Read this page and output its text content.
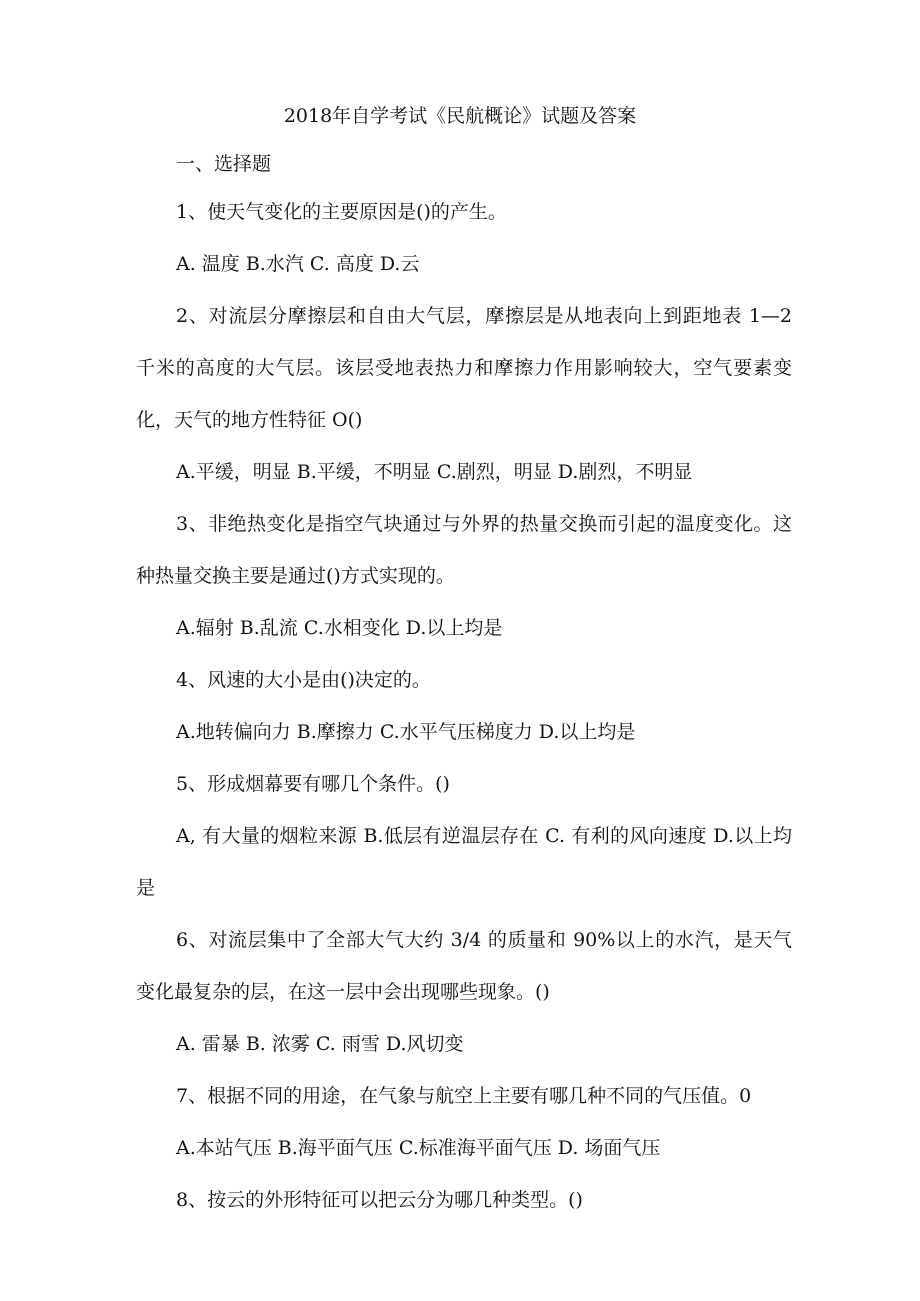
2018年自学考试《民航概论》试题及答案
一、选择题

1、使天气变化的主要原因是()的产生。

A. 温度 B.水汽 C. 高度 D.云

2、对流层分摩擦层和自由大气层，摩擦层是从地表向上到距地表 1—2 千米的高度的大气层。该层受地表热力和摩擦力作用影响较大，空气要素变化，天气的地方性特征 O()

A.平缓，明显 B.平缓，不明显 C.剧烈，明显 D.剧烈，不明显

3、非绝热变化是指空气块通过与外界的热量交换而引起的温度变化。这种热量交换主要是通过()方式实现的。

A.辐射 B.乱流 C.水相变化 D.以上均是

4、风速的大小是由()决定的。

A.地转偏向力 B.摩擦力 C.水平气压梯度力 D.以上均是

5、形成烟幕要有哪几个条件。()

A, 有大量的烟粒来源 B.低层有逆温层存在 C. 有利的风向速度 D.以上均是

6、对流层集中了全部大气大约 3/4 的质量和 90%以上的水汽，是天气变化最复杂的层，在这一层中会出现哪些现象。()

A. 雷暴 B. 浓雾 C. 雨雪 D.风切变

7、根据不同的用途，在气象与航空上主要有哪几种不同的气压值。0

A.本站气压 B.海平面气压 C.标准海平面气压 D. 场面气压

8、按云的外形特征可以把云分为哪几种类型。()
